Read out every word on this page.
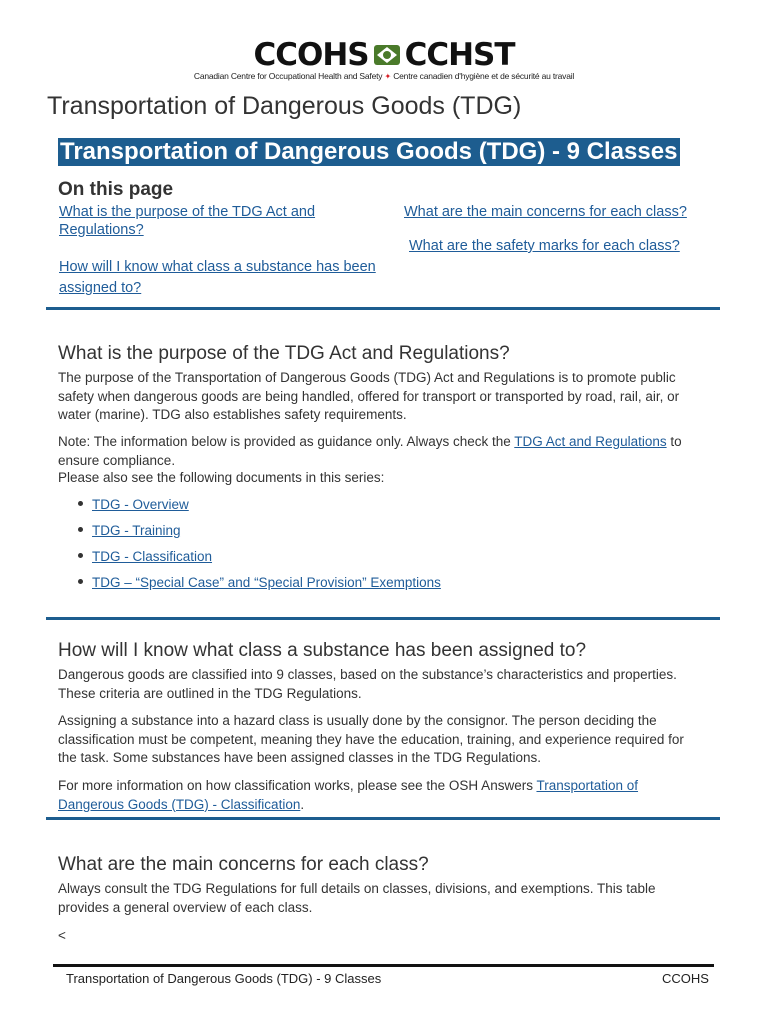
CCOHS CCHST
Canadian Centre for Occupational Health and Safety ✦ Centre canadien d'hygiène et de sécurité au travail
Transportation of Dangerous Goods (TDG)
Transportation of Dangerous Goods (TDG) - 9 Classes
On this page
What is the purpose of the TDG Act and Regulations?
What are the main concerns for each class?
What are the safety marks for each class?
How will I know what class a substance has been assigned to?
What is the purpose of the TDG Act and Regulations?

The purpose of the Transportation of Dangerous Goods (TDG) Act and Regulations is to promote public safety when dangerous goods are being handled, offered for transport or transported by road, rail, air, or water (marine). TDG also establishes safety requirements.

Note: The information below is provided as guidance only. Always check the TDG Act and Regulations to ensure compliance.

Please also see the following documents in this series:

TDG - Overview
TDG - Training
TDG - Classification
TDG – “Special Case” and “Special Provision” Exemptions
How will I know what class a substance has been assigned to?

Dangerous goods are classified into 9 classes, based on the substance’s characteristics and properties. These criteria are outlined in the TDG Regulations.

Assigning a substance into a hazard class is usually done by the consignor. The person deciding the classification must be competent, meaning they have the education, training, and experience required for the task. Some substances have been assigned classes in the TDG Regulations.

For more information on how classification works, please see the OSH Answers Transportation of Dangerous Goods (TDG) - Classification.

What are the main concerns for each class?

Always consult the TDG Regulations for full details on classes, divisions, and exemptions. This table provides a general overview of each class.

<

Transportation of Dangerous Goods (TDG) - 9 Classes	CCOHS
